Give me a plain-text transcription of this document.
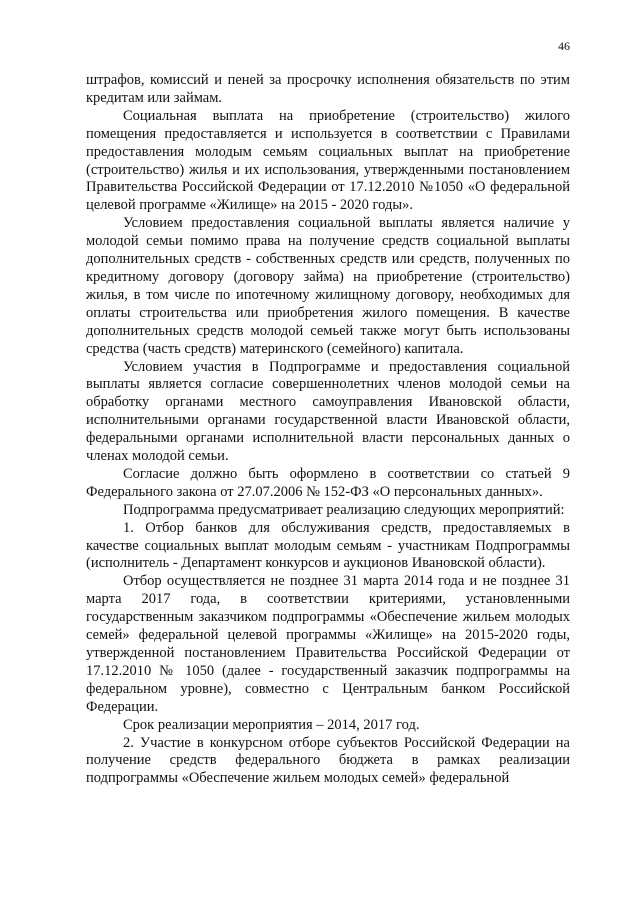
46

штрафов, комиссий и пеней за просрочку исполнения обязательств по этим кредитам или займам.

Социальная выплата на приобретение (строительство) жилого помещения предоставляется и используется в соответствии с Правилами предоставления молодым семьям социальных выплат на приобретение (строительство) жилья и их использования, утвержденными постановлением Правительства Российской Федерации от 17.12.2010 №1050 «О федеральной целевой программе «Жилище» на 2015 - 2020 годы».

Условием предоставления социальной выплаты является наличие у молодой семьи помимо права на получение средств социальной выплаты дополнительных средств - собственных средств или средств, полученных по кредитному договору (договору займа) на приобретение (строительство) жилья, в том числе по ипотечному жилищному договору, необходимых для оплаты строительства или приобретения жилого помещения. В качестве дополнительных средств молодой семьей также могут быть использованы средства (часть средств) материнского (семейного) капитала.

Условием участия в Подпрограмме и предоставления социальной выплаты является согласие совершеннолетних членов молодой семьи на обработку органами местного самоуправления Ивановской области, исполнительными органами государственной власти Ивановской области, федеральными органами исполнительной власти персональных данных о членах молодой семьи.

Согласие должно быть оформлено в соответствии со статьей 9 Федерального закона от 27.07.2006 № 152-ФЗ «О персональных данных».

Подпрограмма предусматривает реализацию следующих мероприятий:

1. Отбор банков для обслуживания средств, предоставляемых в качестве социальных выплат молодым семьям - участникам Подпрограммы (исполнитель - Департамент конкурсов и аукционов Ивановской области).

Отбор осуществляется не позднее 31 марта 2014 года и не позднее 31 марта 2017 года, в соответствии критериями, установленными государственным заказчиком подпрограммы «Обеспечение жильем молодых семей» федеральной целевой программы «Жилище» на 2015-2020 годы, утвержденной постановлением Правительства Российской Федерации от 17.12.2010 № 1050 (далее - государственный заказчик подпрограммы на федеральном уровне), совместно с Центральным банком Российской Федерации.

Срок реализации мероприятия – 2014, 2017 год.

2. Участие в конкурсном отборе субъектов Российской Федерации на получение средств федерального бюджета в рамках реализации подпрограммы «Обеспечение жильем молодых семей» федеральной
